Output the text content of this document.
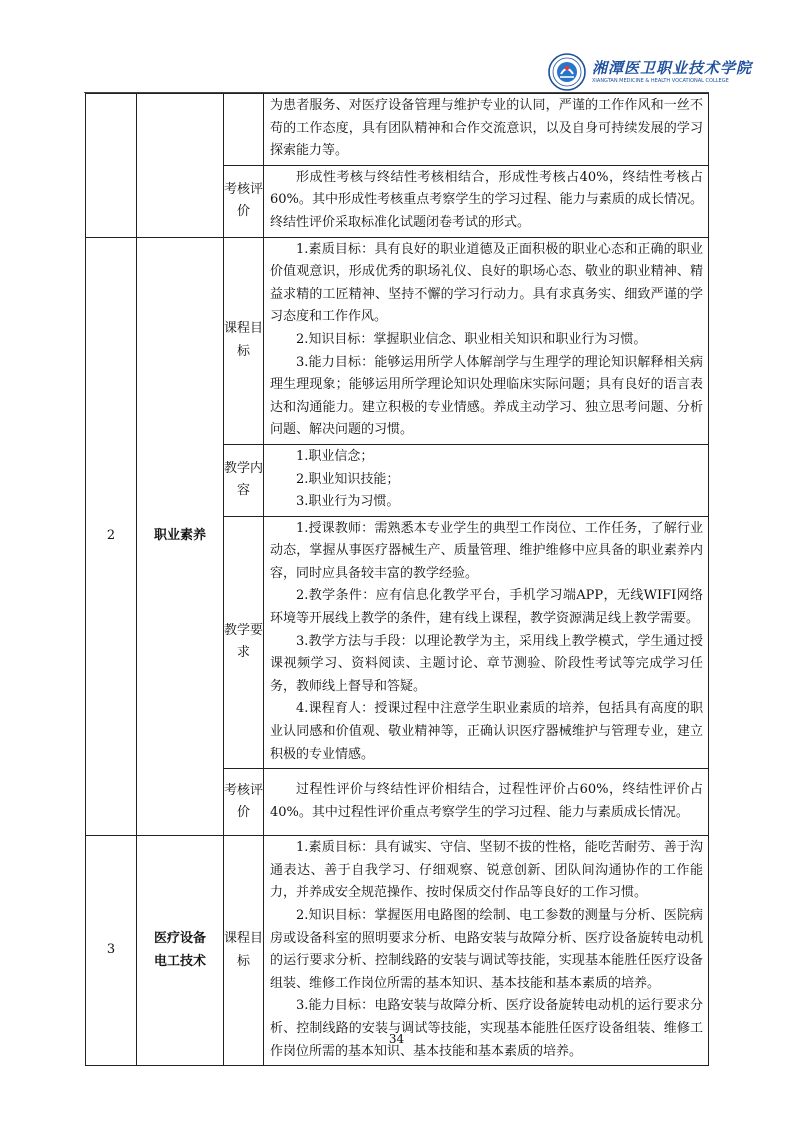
湘潭医卫职业技术学院
XIANGTAN MEDICINE & HEALTH VOCATIONAL COLLEGE

			为患者服务、对医疗设备管理与维护专业的认同，严谨的工作作风和一丝不苟的工作态度，具有团队精神和合作交流意识，以及自身可持续发展的学习探索能力等。

		考核评价	形成性考核与终结性考核相结合，形成性考核占40%，终结性考核占60%。其中形成性考核重点考察学生的学习过程、能力与素质的成长情况。终结性评价采取标准化试题闭卷考试的形式。

2	职业素养	课程目标	1.素质目标：具有良好的职业道德及正面积极的职业心态和正确的职业价值观意识，形成优秀的职场礼仪、良好的职场心态、敬业的职业精神、精益求精的工匠精神、坚持不懈的学习行动力。具有求真务实、细致严谨的学习态度和工作作风。

2.知识目标：掌握职业信念、职业相关知识和职业行为习惯。

3.能力目标：能够运用所学人体解剖学与生理学的理论知识解释相关病理生理现象；能够运用所学理论知识处理临床实际问题；具有良好的语言表达和沟通能力。建立积极的专业情感。养成主动学习、独立思考问题、分析问题、解决问题的习惯。

		教学内容	1.职业信念；

2.职业知识技能；

3.职业行为习惯。

		教学要求	1.授课教师：需熟悉本专业学生的典型工作岗位、工作任务，了解行业动态，掌握从事医疗器械生产、质量管理、维护维修中应具备的职业素养内容，同时应具备较丰富的教学经验。

2.教学条件：应有信息化教学平台，手机学习端APP，无线WIFI网络环境等开展线上教学的条件，建有线上课程，教学资源满足线上教学需要。

3.教学方法与手段：以理论教学为主，采用线上教学模式，学生通过授课视频学习、资料阅读、主题讨论、章节测验、阶段性考试等完成学习任务，教师线上督导和答疑。

4.课程育人：授课过程中注意学生职业素质的培养，包括具有高度的职业认同感和价值观、敬业精神等，正确认识医疗器械维护与管理专业，建立积极的专业情感。

		考核评价	过程性评价与终结性评价相结合，过程性评价占60%，终结性评价占40%。其中过程性评价重点考察学生的学习过程、能力与素质成长情况。

3	医疗设备电工技术	课程目标	1.素质目标：具有诚实、守信、坚韧不拔的性格，能吃苦耐劳、善于沟通表达、善于自我学习、仔细观察、锐意创新、团队间沟通协作的工作能力，并养成安全规范操作、按时保质交付作品等良好的工作习惯。

2.知识目标：掌握医用电路图的绘制、电工参数的测量与分析、医院病房或设备科室的照明要求分析、电路安装与故障分析、医疗设备旋转电动机的运行要求分析、控制线路的安装与调试等技能，实现基本能胜任医疗设备组装、维修工作岗位所需的基本知识、基本技能和基本素质的培养。

3.能力目标：电路安装与故障分析、医疗设备旋转电动机的运行要求分析、控制线路的安装与调试等技能，实现基本能胜任医疗设备组装、维修工作岗位所需的基本知识、基本技能和基本素质的培养。

34
